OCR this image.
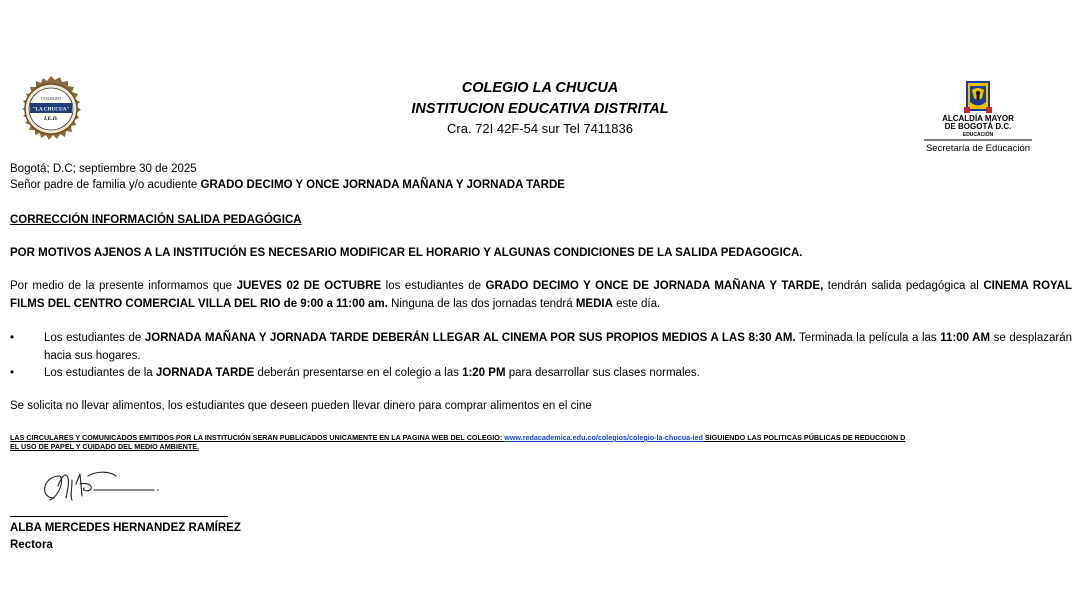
COLEGIO
"LA CHUCUA"
I.E.D.
COLEGIO LA CHUCUA
INSTITUCION EDUCATIVA DISTRITAL
Cra. 72I 42F-54 sur Tel 7411836
ALCALDÍA MAYOR
DE BOGOTÁ D.C.
EDUCACIÓN
Secretaría de Educación
Bogotá; D.C; septiembre 30 de 2025
Señor padre de familia y/o acudiente GRADO DECIMO Y ONCE JORNADA MAÑANA Y JORNADA TARDE
CORRECCIÓN INFORMACIÓN SALIDA PEDAGÓGICA
POR MOTIVOS AJENOS A LA INSTITUCIÓN ES NECESARIO MODIFICAR EL HORARIO Y ALGUNAS CONDICIONES DE LA SALIDA PEDAGOGICA.
Por medio de la presente informamos que JUEVES 02 DE OCTUBRE los estudiantes de GRADO DECIMO Y ONCE DE JORNADA MAÑANA Y TARDE, tendrán salida pedagógica al CINEMA ROYAL FILMS DEL CENTRO COMERCIAL VILLA DEL RIO de 9:00 a 11:00 am. Ninguna de las dos jornadas tendrá MEDIA este día.
•	Los estudiantes de JORNADA MAÑANA Y JORNADA TARDE DEBERÁN LLEGAR AL CINEMA POR SUS PROPIOS MEDIOS A LAS 8:30 AM. Terminada la película a las 11:00 AM se desplazarán hacia sus hogares.
•	Los estudiantes de la JORNADA TARDE deberán presentarse en el colegio a las 1:20 PM para desarrollar sus clases normales.
Se solicita no llevar alimentos, los estudiantes que deseen pueden llevar dinero para comprar alimentos en el cine
LAS CIRCULARES Y COMUNICADOS EMITIDOS POR LA INSTITUCIÓN SERAN PUBLICADOS UNICAMENTE EN LA PAGINA WEB DEL COLEGIO: www.redacademica.edu.co/colegios/colegio-la-chucua-ied SIGUIENDO LAS POLITICAS PÚBLICAS DE REDUCCION D
EL USO DE PAPEL Y CUIDADO DEL MEDIO AMBIENTE.
ALBA MERCEDES HERNANDEZ RAMÍREZ
Rectora
